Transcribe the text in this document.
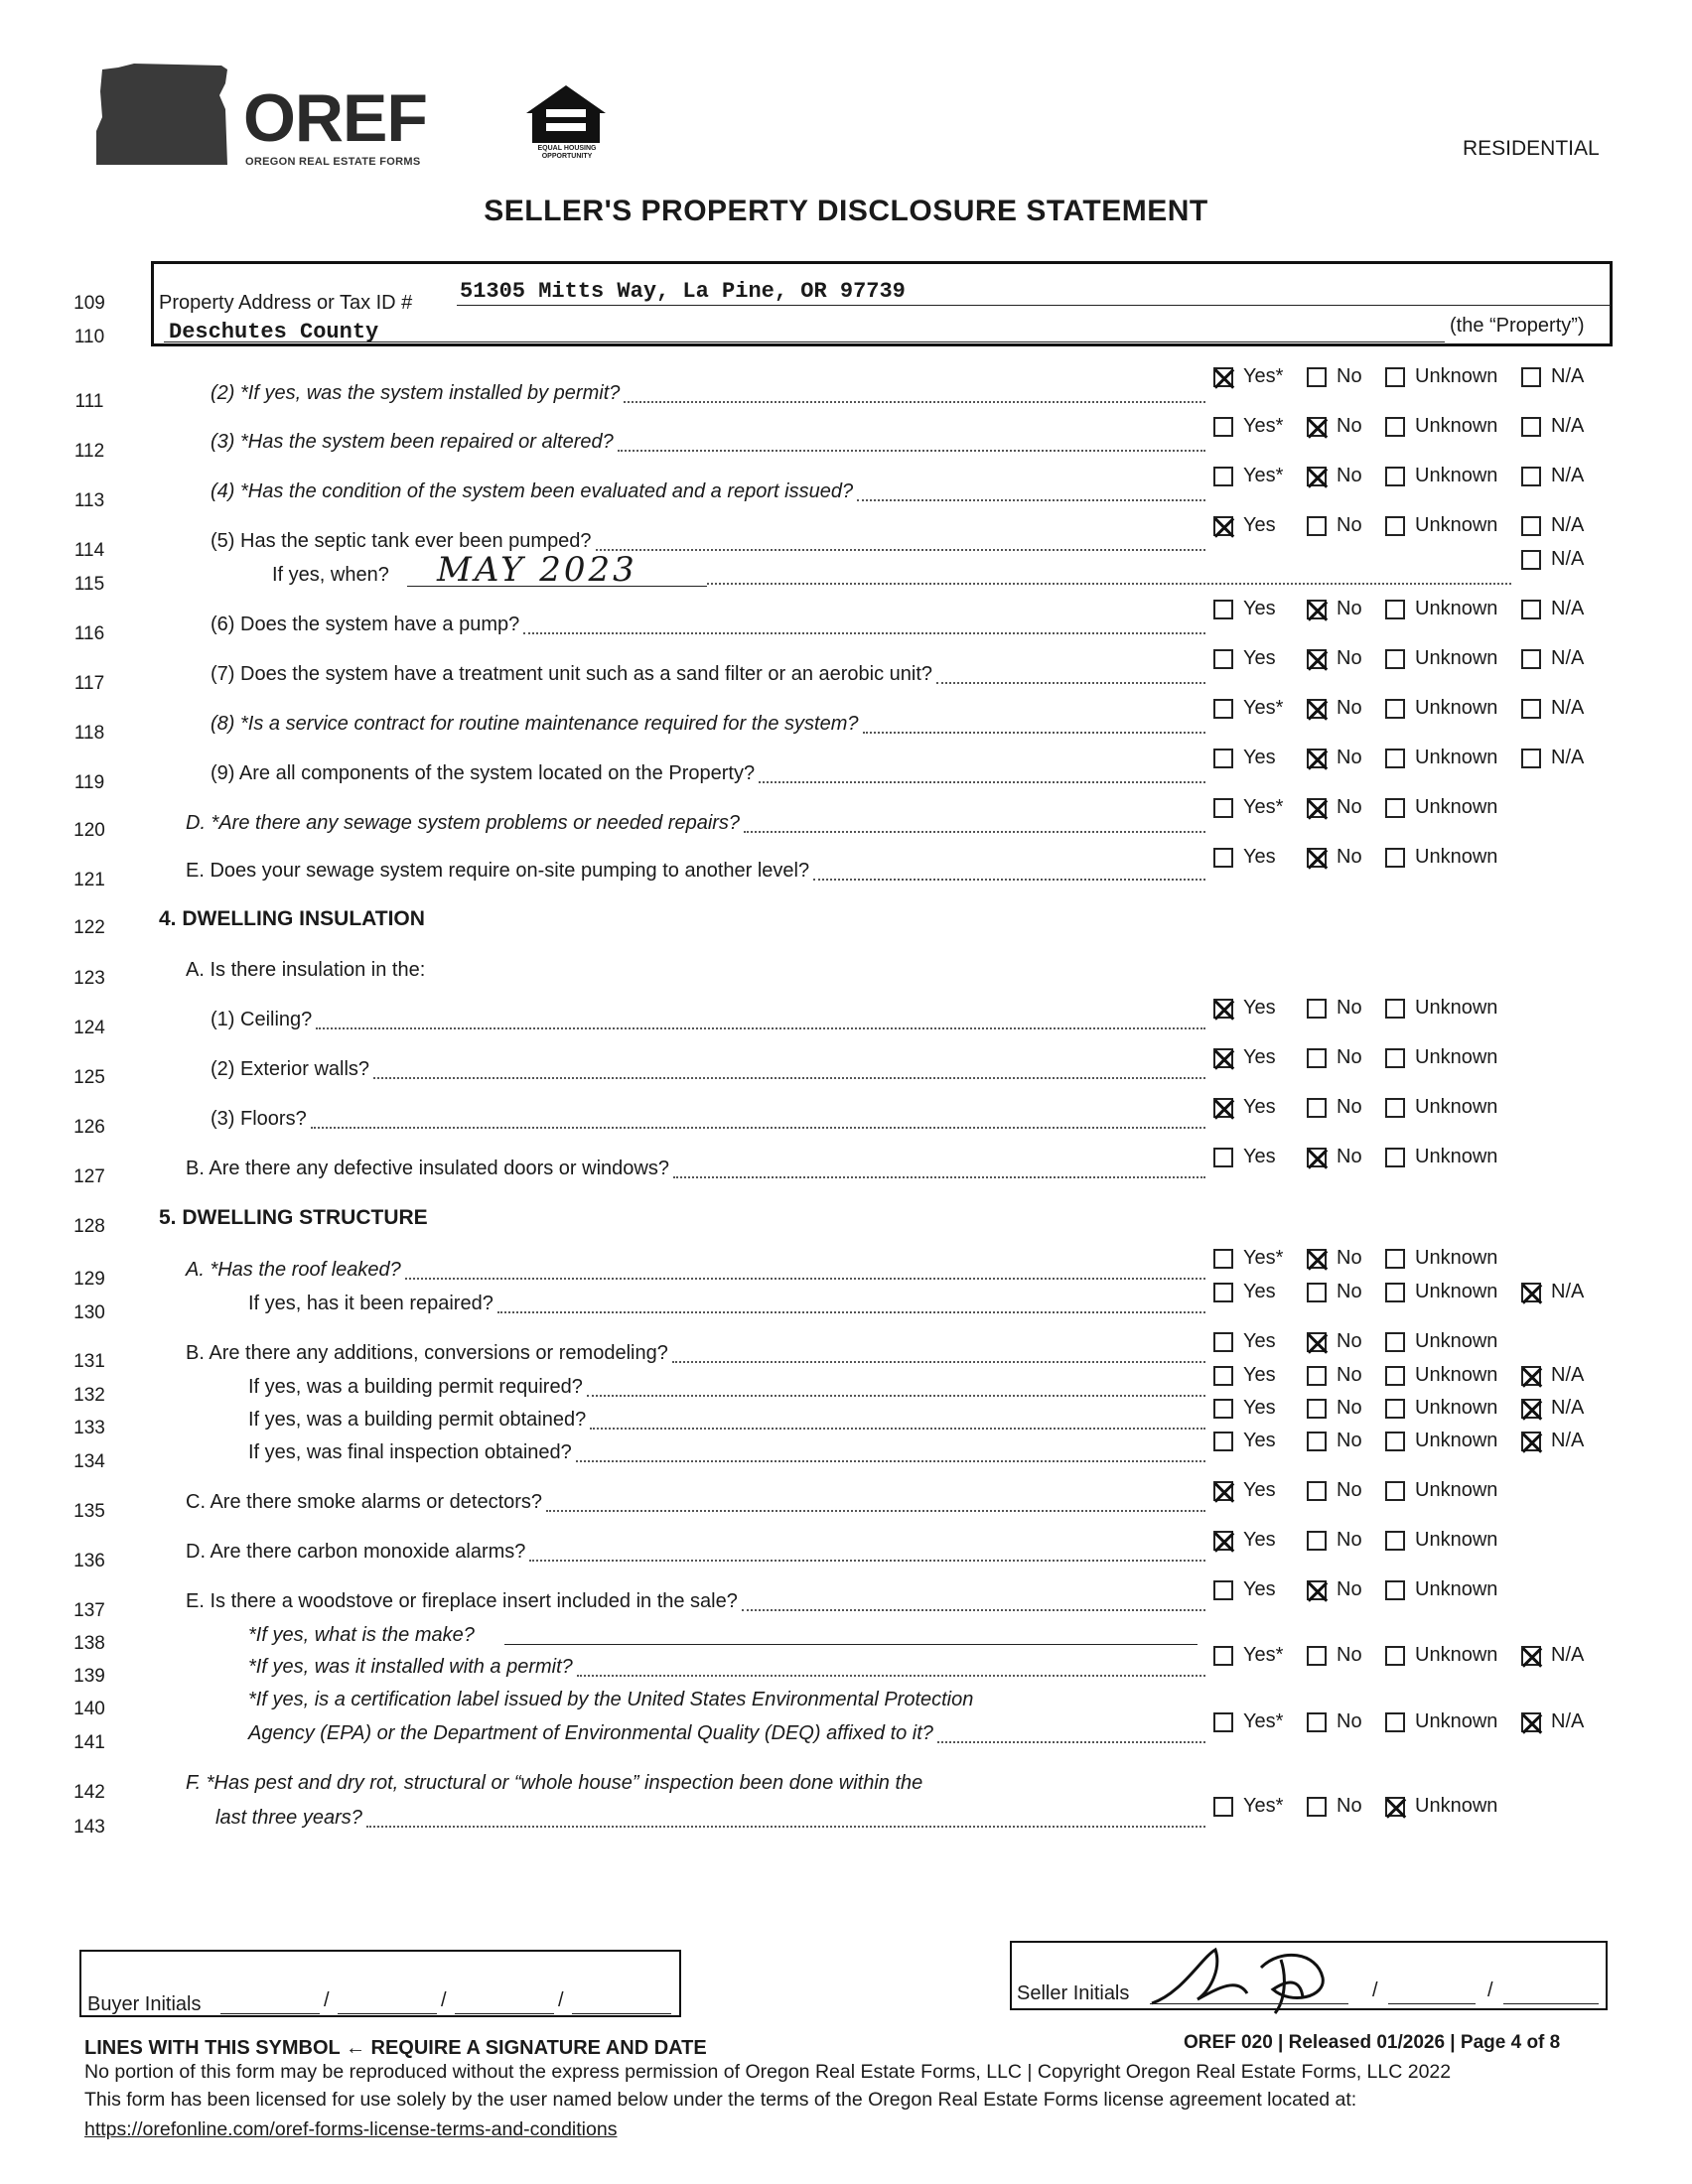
OREF
OREGON REAL ESTATE FORMS
EQUAL HOUSING OPPORTUNITY	RESIDENTIAL
SELLER'S PROPERTY DISCLOSURE STATEMENT
109
110
111
112
113
114
115
116
117
118
119
120
121
122
123
124
125
126
127
128
129
130
131
132
133
134
135
136
137
138
139
140
141
142
143
Property Address or Tax ID # 51305 Mitts Way, La Pine, OR 97739
Deschutes County	(the “Property”)
4. DWELLING INSULATION
5. DWELLING STRUCTURE
(2) *If yes, was the system installed by permit?
Yes*	No	Unknown	N/A
(3) *Has the system been repaired or altered?
Yes*	No	Unknown	N/A
(4) *Has the condition of the system been evaluated and a report issued?
Yes*	No	Unknown	N/A
(5) Has the septic tank ever been pumped?
Yes	No	Unknown	N/A
If yes, when?
N/A
(6) Does the system have a pump?
Yes	No	Unknown	N/A
(7) Does the system have a treatment unit such as a sand filter or an aerobic unit?
Yes	No	Unknown	N/A
(8) *Is a service contract for routine maintenance required for the system?
Yes*	No	Unknown	N/A
(9) Are all components of the system located on the Property?
Yes	No	Unknown	N/A
D. *Are there any sewage system problems or needed repairs?
Yes*	No	Unknown
E. Does your sewage system require on-site pumping to another level?
Yes	No	Unknown
A. Is there insulation in the:
(1) Ceiling?
Yes	No	Unknown
(2) Exterior walls?
Yes	No	Unknown
(3) Floors?
Yes	No	Unknown
B. Are there any defective insulated doors or windows?
Yes	No	Unknown
A. *Has the roof leaked?
Yes*	No	Unknown
If yes, has it been repaired?
Yes	No	Unknown	N/A
B. Are there any additions, conversions or remodeling?
Yes	No	Unknown
If yes, was a building permit required?
Yes	No	Unknown	N/A
If yes, was a building permit obtained?
Yes	No	Unknown	N/A
If yes, was final inspection obtained?
Yes	No	Unknown	N/A
C. Are there smoke alarms or detectors?
Yes	No	Unknown
D. Are there carbon monoxide alarms?
Yes	No	Unknown
E. Is there a woodstove or fireplace insert included in the sale?
Yes	No	Unknown
*If yes, what is the make?
*If yes, was it installed with a permit?
Yes*	No	Unknown	N/A
*If yes, is a certification label issued by the United States Environmental Protection
Agency (EPA) or the Department of Environmental Quality (DEQ) affixed to it?
Yes*	No	Unknown	N/A
F. *Has pest and dry rot, structural or “whole house” inspection been done within the
last three years?
Yes*	No	Unknown
MAY 2023
Buyer Initials	/	/	/	Seller Initials	/	/
OREF 020 | Released 01/2026 | Page 4 of 8
LINES WITH THIS SYMBOL ← REQUIRE A SIGNATURE AND DATE
No portion of this form may be reproduced without the express permission of Oregon Real Estate Forms, LLC | Copyright Oregon Real Estate Forms, LLC 2022
This form has been licensed for use solely by the user named below under the terms of the Oregon Real Estate Forms license agreement located at:
https://orefonline.com/oref-forms-license-terms-and-conditions
